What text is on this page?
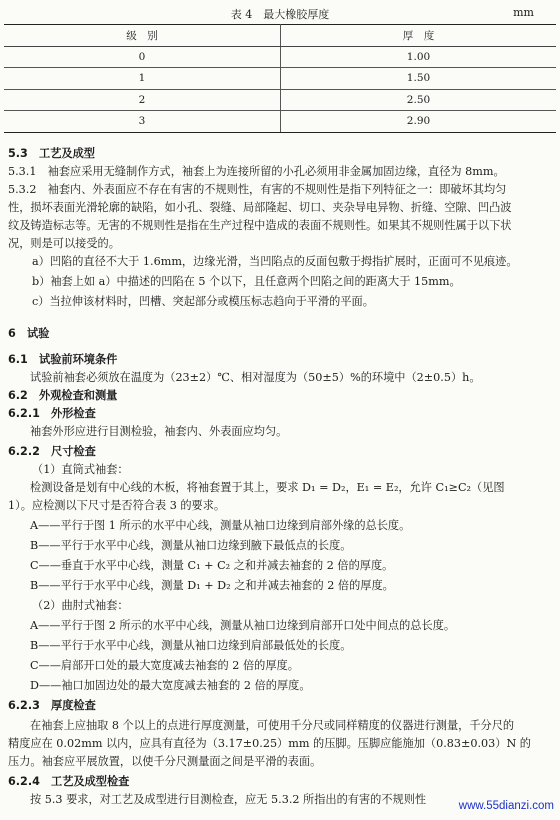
表 4　最大橡胶厚度	mm
级　别	厚　度
0	1.00
1	1.50
2	2.50
3	2.90
5.3　工艺及成型
5.3.1　袖套应采用无缝制作方式，袖套上为连接所留的小孔必须用非金属加固边缘，直径为 8mm。
5.3.2　袖套内、外表面应不存在有害的不规则性，有害的不规则性是指下列特征之一：即破坏其均匀
性，损坏表面光滑轮廓的缺陷，如小孔、裂缝、局部隆起、切口、夹杂导电异物、折缝、空隙、凹凸波
纹及铸造标志等。无害的不规则性是指在生产过程中造成的表面不规则性。如果其不规则性属于以下状
况，则是可以接受的。
a）凹陷的直径不大于 1.6mm，边缘光滑，当凹陷点的反面包敷于拇指扩展时，正面可不见痕迹。
b）袖套上如 a）中描述的凹陷在 5 个以下，且任意两个凹陷之间的距离大于 15mm。
c）当拉伸该材料时，凹槽、突起部分或模压标志趋向于平滑的平面。
6　试验
6.1　试验前环境条件
试验前袖套必须放在温度为（23±2）℃、相对湿度为（50±5）%的环境中（2±0.5）h。
6.2　外观检查和测量
6.2.1　外形检查
袖套外形应进行目测检验，袖套内、外表面应均匀。
6.2.2　尺寸检查
（1）直筒式袖套：
检测设备是划有中心线的木板，将袖套置于其上，要求 D₁ = D₂，E₁ = E₂，允许 C₁≥C₂（见图
1）。应检测以下尺寸是否符合表 3 的要求。
A——平行于图 1 所示的水平中心线，测量从袖口边缘到肩部外缘的总长度。
B——平行于水平中心线，测量从袖口边缘到腋下最低点的长度。
C——垂直于水平中心线，测量 C₁ + C₂ 之和并减去袖套的 2 倍的厚度。
B——平行于水平中心线，测量 D₁ + D₂ 之和并减去袖套的 2 倍的厚度。
（2）曲肘式袖套：
A——平行于图 2 所示的水平中心线，测量从袖口边缘到肩部开口处中间点的总长度。
B——平行于水平中心线，测量从袖口边缘到肩部最低处的长度。
C——肩部开口处的最大宽度减去袖套的 2 倍的厚度。
D——袖口加固边处的最大宽度减去袖套的 2 倍的厚度。
6.2.3　厚度检查
在袖套上应抽取 8 个以上的点进行厚度测量，可使用千分尺或同样精度的仪器进行测量，千分尺的
精度应在 0.02mm 以内，应具有直径为（3.17±0.25）mm 的压脚。压脚应能施加（0.83±0.03）N 的
压力。袖套应平展放置，以使千分尺测量面之间是平滑的表面。
6.2.4　工艺及成型检查
按 5.3 要求，对工艺及成型进行目测检查，应无 5.3.2 所指出的有害的不规则性	www.55dianzi.com
